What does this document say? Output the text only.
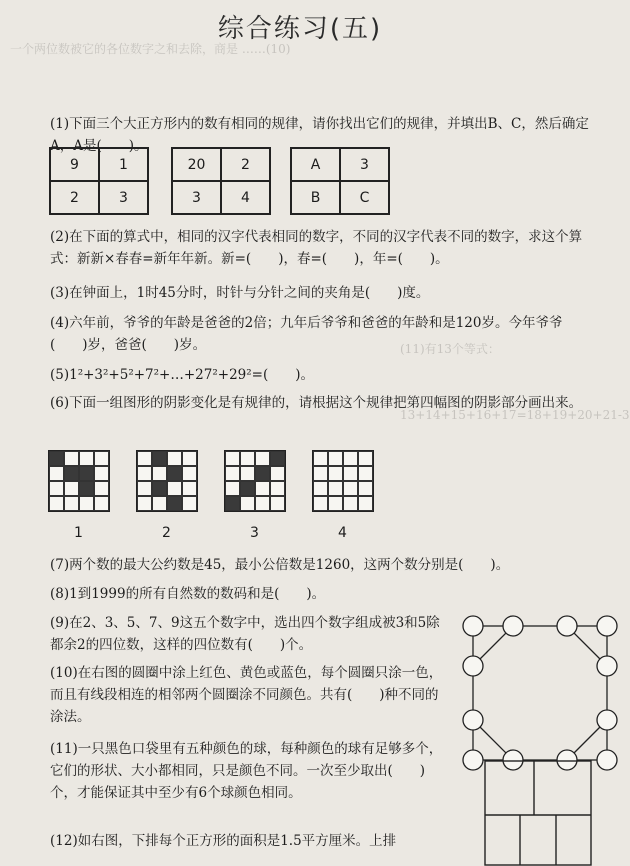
一个两位数被它的各位数字之和去除，商是 ……(10)
(11)有13个等式：
13+14+15+16+17=18+19+20+21-3
综合练习(五)
(1)下面三个大正方形内的数有相同的规律，请你找出它们的规律，并填出B、C，然后确定A，A是(　　)。
9	1
2	3
20	2
3	4
A	3
B	C
(2)在下面的算式中，相同的汉字代表相同的数字，不同的汉字代表不同的数字，求这个算式：新新×春春=新年年新。新=(　　)，春=(　　)，年=(　　)。
(3)在钟面上，1时45分时，时针与分针之间的夹角是(　　)度。
(4)六年前，爷爷的年龄是爸爸的2倍；九年后爷爷和爸爸的年龄和是120岁。今年爷爷(　　)岁，爸爸(　　)岁。
(5)1²+3²+5²+7²+…+27²+29²=(　　)。
(6)下面一组图形的阴影变化是有规律的，请根据这个规律把第四幅图的阴影部分画出来。
1	2	3	4
(7)两个数的最大公约数是45，最小公倍数是1260，这两个数分别是(　　)。
(8)1到1999的所有自然数的数码和是(　　)。
(9)在2、3、5、7、9这五个数字中，选出四个数字组成被3和5除都余2的四位数，这样的四位数有(　　)个。
(10)在右图的圆圈中涂上红色、黄色或蓝色，每个圆圈只涂一色，而且有线段相连的相邻两个圆圈涂不同颜色。共有(　　)种不同的涂法。
(11)一只黑色口袋里有五种颜色的球，每种颜色的球有足够多个，它们的形状、大小都相同，只是颜色不同。一次至少取出(　　)个，才能保证其中至少有6个球颜色相同。
(12)如右图，下排每个正方形的面积是1.5平方厘米。上排
